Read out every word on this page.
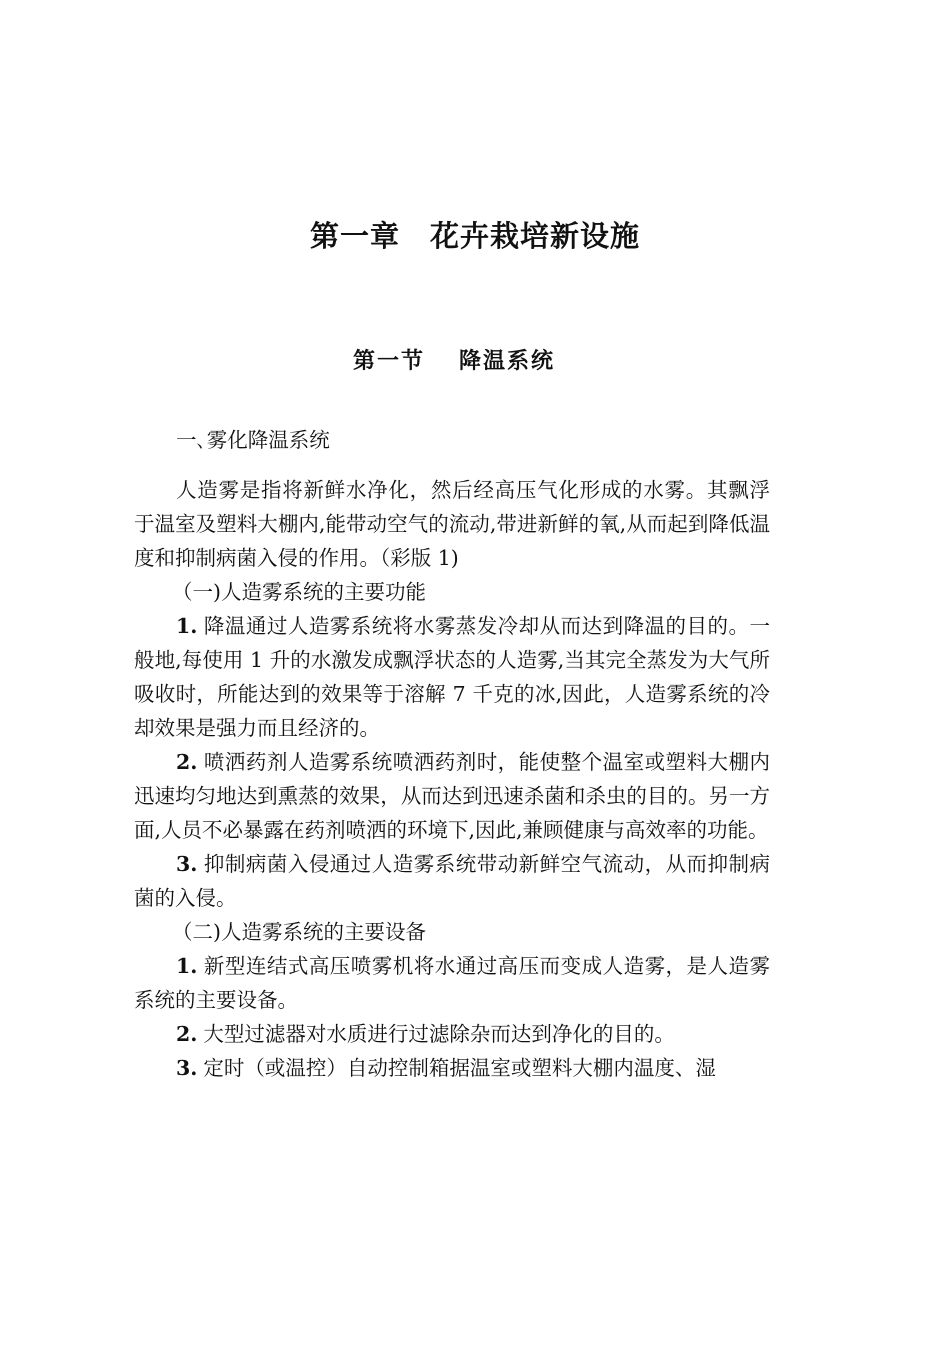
第一章 花卉栽培新设施
第一节 降温系统

一､雾化降温系统

人造雾是指将新鲜水净化，然后经高压气化形成的水雾。其飘浮于温室及塑料大棚内,能带动空气的流动,带进新鲜的氧,从而起到降低温度和抑制病菌入侵的作用。（彩版 1)

（一)人造雾系统的主要功能

1. 降温通过人造雾系统将水雾蒸发冷却从而达到降温的目的。一般地,每使用 1 升的水激发成飘浮状态的人造雾,当其完全蒸发为大气所吸收时，所能达到的效果等于溶解 7 千克的冰,因此，人造雾系统的冷却效果是强力而且经济的。

2. 喷洒药剂人造雾系统喷洒药剂时，能使整个温室或塑料大棚内迅速均匀地达到熏蒸的效果，从而达到迅速杀菌和杀虫的目的。另一方面,人员不必暴露在药剂喷洒的环境下,因此,兼顾健康与高效率的功能。

3. 抑制病菌入侵通过人造雾系统带动新鲜空气流动，从而抑制病菌的入侵。

（二)人造雾系统的主要设备

1. 新型连结式高压喷雾机将水通过高压而变成人造雾，是人造雾系统的主要设备。

2. 大型过滤器对水质进行过滤除杂而达到净化的目的。

3. 定时（或温控）自动控制箱据温室或塑料大棚内温度、湿
